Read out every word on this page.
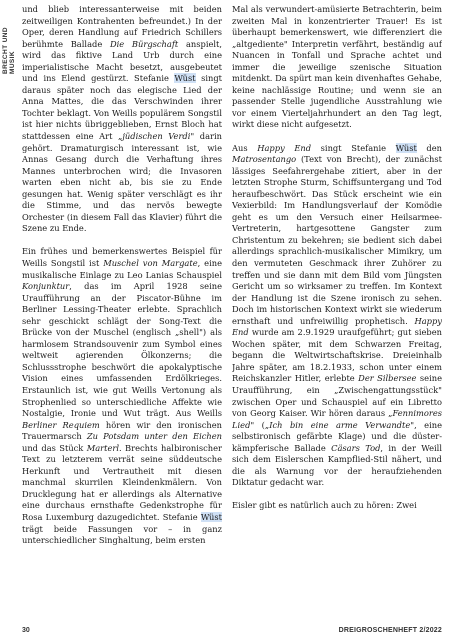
BRECHT UND MUSIK

und blieb interessanterweise mit beiden zeitweiligen Kontrahenten befreundet.) In der Oper, deren Handlung auf Friedrich Schillers berühmte Ballade Die Bürgschaft anspielt, wird das fiktive Land Urb durch eine imperialistische Macht besetzt, ausgebeutet und ins Elend gestürzt. Stefanie Wüst singt daraus später noch das elegische Lied der Anna Mattes, die das Verschwinden ihrer Tochter beklagt. Von Weills populärem Songstil ist hier nichts übriggeblieben, Ernst Bloch hat stattdessen eine Art „jüdischen Verdi" darin gehört. Dramaturgisch interessant ist, wie Annas Gesang durch die Verhaftung ihres Mannes unterbrochen wird; die Invasoren warten eben nicht ab, bis sie zu Ende gesungen hat. Wenig später verschlägt es ihr die Stimme, und das nervös bewegte Orchester (in diesem Fall das Klavier) führt die Szene zu Ende.

Ein frühes und bemerkenswertes Beispiel für Weills Songstil ist Muschel von Margate, eine musikalische Einlage zu Leo Lanias Schauspiel Konjunktur, das im April 1928 seine Uraufführung an der Piscator-Bühne im Berliner Lessing-Theater erlebte. Sprachlich sehr geschickt schlägt der Song-Text die Brücke von der Muschel (englisch „shell") als harmlosem Strandsouvenir zum Symbol eines weltweit agierenden Ölkonzerns; die Schlussstrophe beschwört die apokalyptische Vision eines umfassenden Erdölkrieges. Erstaunlich ist, wie gut Weills Vertonung als Strophenlied so unterschiedliche Affekte wie Nostalgie, Ironie und Wut trägt. Aus Weills Berliner Requiem hören wir den ironischen Trauermarsch Zu Potsdam unter den Eichen und das Stück Marterl. Brechts halbironischer Text zu letzterem verrät seine süddeutsche Herkunft und Vertrautheit mit diesen manchmal skurrilen Kleindenkmälern. Von Drucklegung hat er allerdings als Alternative eine durchaus ernsthafte Gedenkstrophe für Rosa Luxemburg dazugedichtet. Stefanie Wüst trägt beide Fassungen vor – in ganz unterschiedlicher Singhaltung, beim ersten

Mal als verwundert-amüsierte Betrachterin, beim zweiten Mal in konzentrierter Trauer! Es ist überhaupt bemerkenswert, wie differenziert die „altgediente" Interpretin verfährt, beständig auf Nuancen in Tonfall und Sprache achtet und immer die jeweilige szenische Situation mitdenkt. Da spürt man kein divenhaftes Gehabe, keine nachlässige Routine; und wenn sie an passender Stelle jugendliche Ausstrahlung wie vor einem Vierteljahrhundert an den Tag legt, wirkt diese nicht aufgesetzt.

Aus Happy End singt Stefanie Wüst den Matrosentango (Text von Brecht), der zunächst lässiges Seefahrergehabe zitiert, aber in der letzten Strophe Sturm, Schiffsuntergang und Tod heraufbeschwört. Das Stück erscheint wie ein Vexierbild: Im Handlungsverlauf der Komödie geht es um den Versuch einer Heilsarmee-Vertreterin, hartgesottene Gangster zum Christentum zu bekehren; sie bedient sich dabei allerdings sprachlich-musikalischer Mimikry, um den vermuteten Geschmack ihrer Zuhörer zu treffen und sie dann mit dem Bild vom Jüngsten Gericht um so wirksamer zu treffen. Im Kontext der Handlung ist die Szene ironisch zu sehen. Doch im historischen Kontext wirkt sie wiederum ernsthaft und unfreiwillig prophetisch. Happy End wurde am 2.9.1929 uraufgeführt; gut sieben Wochen später, mit dem Schwarzen Freitag, begann die Weltwirtschaftskrise. Dreieinhalb Jahre später, am 18.2.1933, schon unter einem Reichskanzler Hitler, erlebte Der Silbersee seine Uraufführung, ein „Zwischengattungsstück" zwischen Oper und Schauspiel auf ein Libretto von Georg Kaiser. Wir hören daraus „Fennimores Lied" („Ich bin eine arme Verwandte", eine selbstironisch gefärbte Klage) und die düster-kämpferische Ballade Cäsars Tod, in der Weill sich dem Eislerschen Kampflied-Stil nähert, und die als Warnung vor der heraufziehenden Diktatur gedacht war.

Eisler gibt es natürlich auch zu hören: Zwei

30	DREIGROSCHENHEFT 2/2022
